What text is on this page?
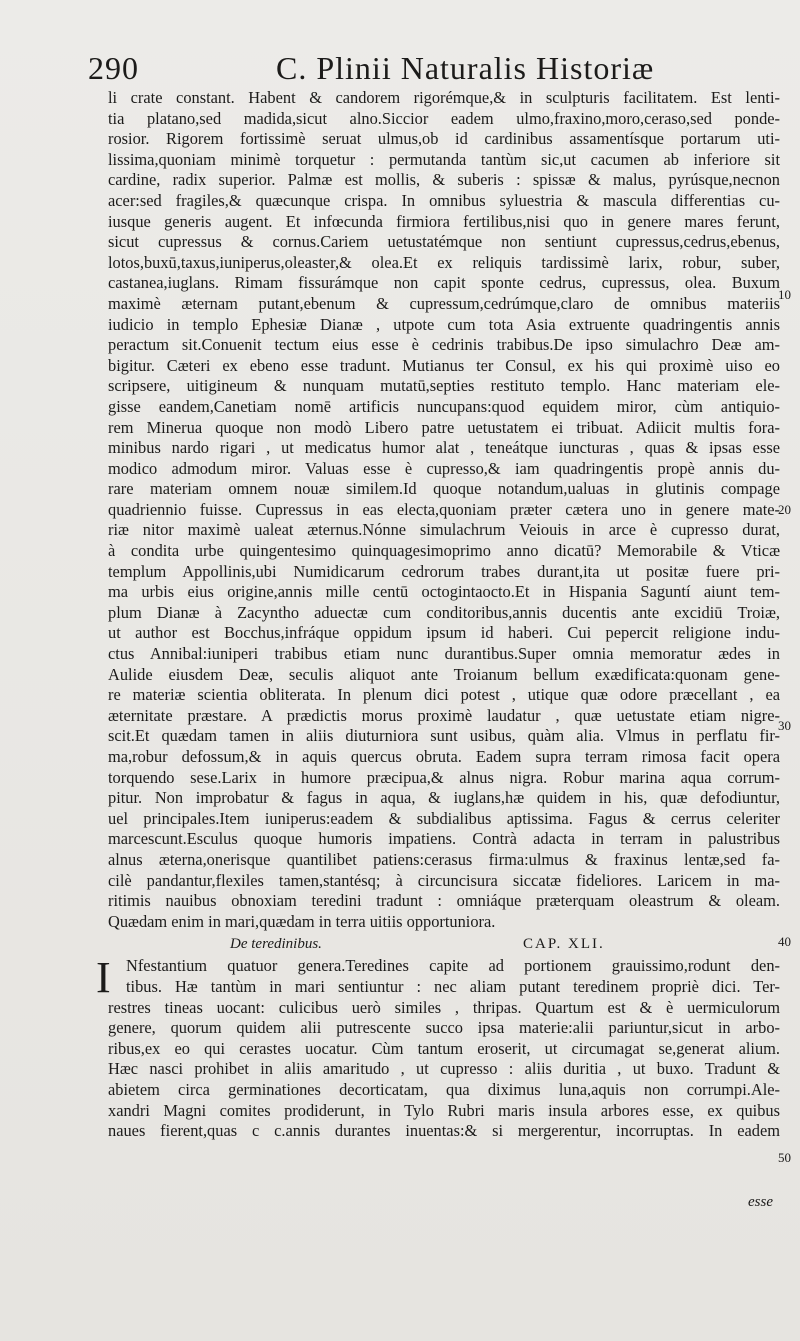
290	C. Plinii Naturalis Historiæ
li crate constant. Habent & candorem rigorémque,& in sculpturis facilitatem. Est lenti-
tia platano,sed madida,sicut alno.Siccior eadem ulmo,fraxino,moro,ceraso,sed ponde-
rosior. Rigorem fortissimè seruat ulmus,ob id cardinibus assamentísque portarum uti-
lissima,quoniam minimè torquetur : permutanda tantùm sic,ut cacumen ab inferiore sit
cardine, radix superior. Palmæ est mollis, & suberis : spissæ & malus, pyrúsque,necnon
acer:sed fragiles,& quæcunque crispa. In omnibus syluestria & mascula differentias cu-
iusque generis augent. Et infœcunda firmiora fertilibus,nisi quo in genere mares ferunt,
sicut cupressus & cornus.Cariem uetustatémque non sentiunt cupressus,cedrus,ebenus,
lotos,buxū,taxus,iuniperus,oleaster,& olea.Et ex reliquis tardissimè larix, robur, suber,
castanea,iuglans. Rimam fissurámque non capit sponte cedrus, cupressus, olea. Buxum
maximè æternam putant,ebenum & cupressum,cedrúmque,claro de omnibus materiis
iudicio in templo Ephesiæ Dianæ , utpote cum tota Asia extruente quadringentis annis
peractum sit.Conuenit tectum eius esse è cedrinis trabibus.De ipso simulachro Deæ am-
bigitur. Cæteri ex ebeno esse tradunt. Mutianus ter Consul, ex his qui proximè uiso eo
scripsere, uitigineum & nunquam mutatū,septies restituto templo. Hanc materiam ele-
gisse eandem,Canetiam nomē artificis nuncupans:quod equidem miror, cùm antiquio-
rem Minerua quoque non modò Libero patre uetustatem ei tribuat. Adiicit multis fora-
minibus nardo rigari , ut medicatus humor alat , teneátque iuncturas , quas & ipsas esse
modico admodum miror. Valuas esse è cupresso,& iam quadringentis propè annis du-
rare materiam omnem nouæ similem.Id quoque notandum,ualuas in glutinis compage
quadriennio fuisse. Cupressus in eas electa,quoniam præter cætera uno in genere mate-
riæ nitor maximè ualeat æternus.Nónne simulachrum Veiouis in arce è cupresso durat,
à condita urbe quingentesimo quinquagesimoprimo anno dicatū? Memorabile & Vticæ
templum Appollinis,ubi Numidicarum cedrorum trabes durant,ita ut positæ fuere pri-
ma urbis eius origine,annis mille centū octogintaocto.Et in Hispania Saguntí aiunt tem-
plum Dianæ à Zacyntho aduectæ cum conditoribus,annis ducentis ante excidiū Troiæ,
ut author est Bocchus,infráque oppidum ipsum id haberi. Cui pepercit religione indu-
ctus Annibal:iuniperi trabibus etiam nunc durantibus.Super omnia memoratur ædes in
Aulide eiusdem Deæ, seculis aliquot ante Troianum bellum exædificata:quonam gene-
re materiæ scientia obliterata. In plenum dici potest , utique quæ odore præcellant , ea
æternitate præstare. A prædictis morus proximè laudatur , quæ uetustate etiam nigre-
scit.Et quædam tamen in aliis diuturniora sunt usibus, quàm alia. Vlmus in perflatu fir-
ma,robur defossum,& in aquis quercus obruta. Eadem supra terram rimosa facit opera
torquendo sese.Larix in humore præcipua,& alnus nigra. Robur marina aqua corrum-
pitur. Non improbatur & fagus in aqua, & iuglans,hæ quidem in his, quæ defodiuntur,
uel principales.Item iuniperus:eadem & subdialibus aptissima. Fagus & cerrus celeriter
marcescunt.Esculus quoque humoris impatiens. Contrà adacta in terram in palustribus
alnus æterna,onerisque quantilibet patiens:cerasus firma:ulmus & fraxinus lentæ,sed fa-
cilè pandantur,flexiles tamen,stantésq; à circuncisura siccatæ fideliores. Laricem in ma-
ritimis nauibus obnoxiam teredini tradunt : omniáque præterquam oleastrum & oleam.
Quædam enim in mari,quædam in terra uitiis opportuniora.
De teredinibus.	CAP. XLI.
I Nfestantium quatuor genera.Teredines capite ad portionem grauissimo,rodunt den-
tibus. Hæ tantùm in mari sentiuntur : nec aliam putant teredinem propriè dici. Ter-
restres tineas uocant: culicibus uerò similes , thripas. Quartum est & è uermiculorum
genere, quorum quidem alii putrescente succo ipsa materie:alii pariuntur,sicut in arbo-
ribus,ex eo qui cerastes uocatur. Cùm tantum eroserit, ut circumagat se,generat alium.
Hæc nasci prohibet in aliis amaritudo , ut cupresso : aliis duritia , ut buxo. Tradunt &
abietem circa germinationes decorticatam, qua diximus luna,aquis non corrumpi.Ale-
xandri Magni comites prodiderunt, in Tylo Rubri maris insula arbores esse, ex quibus
naues fierent,quas c c.annis durantes inuentas:& si mergerentur, incorruptas. In eadem
10
20
30
40
50
esse
